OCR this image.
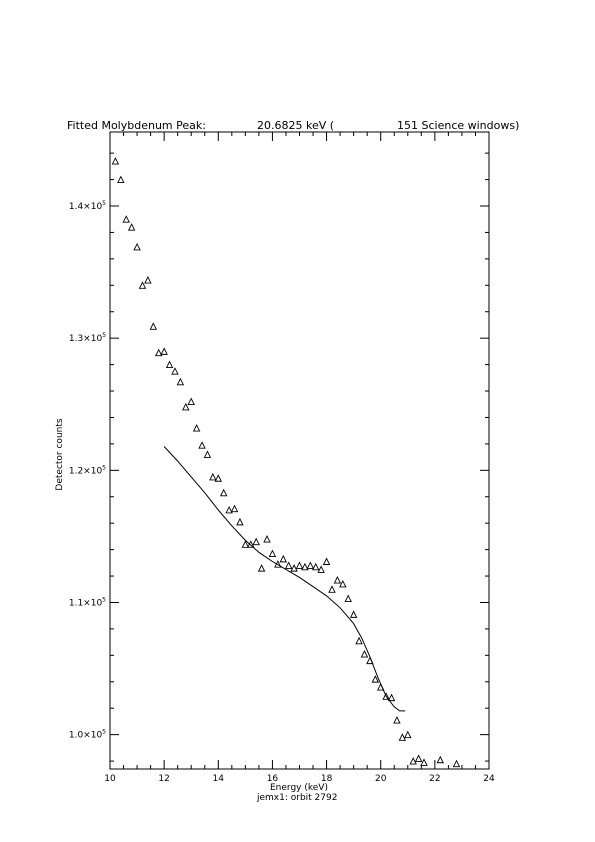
Fitted Molybdenum Peak:	20.6825 keV (	151 Science windows)
10	12	14	16	18	20	22	24
$1.0\times 10^5$
$1.1\times 10^5$
$1.2\times 10^5$
$1.3\times 10^5$
$1.4\times 10^5$
Detector counts
Energy (keV)
jemx1: orbit 2792
